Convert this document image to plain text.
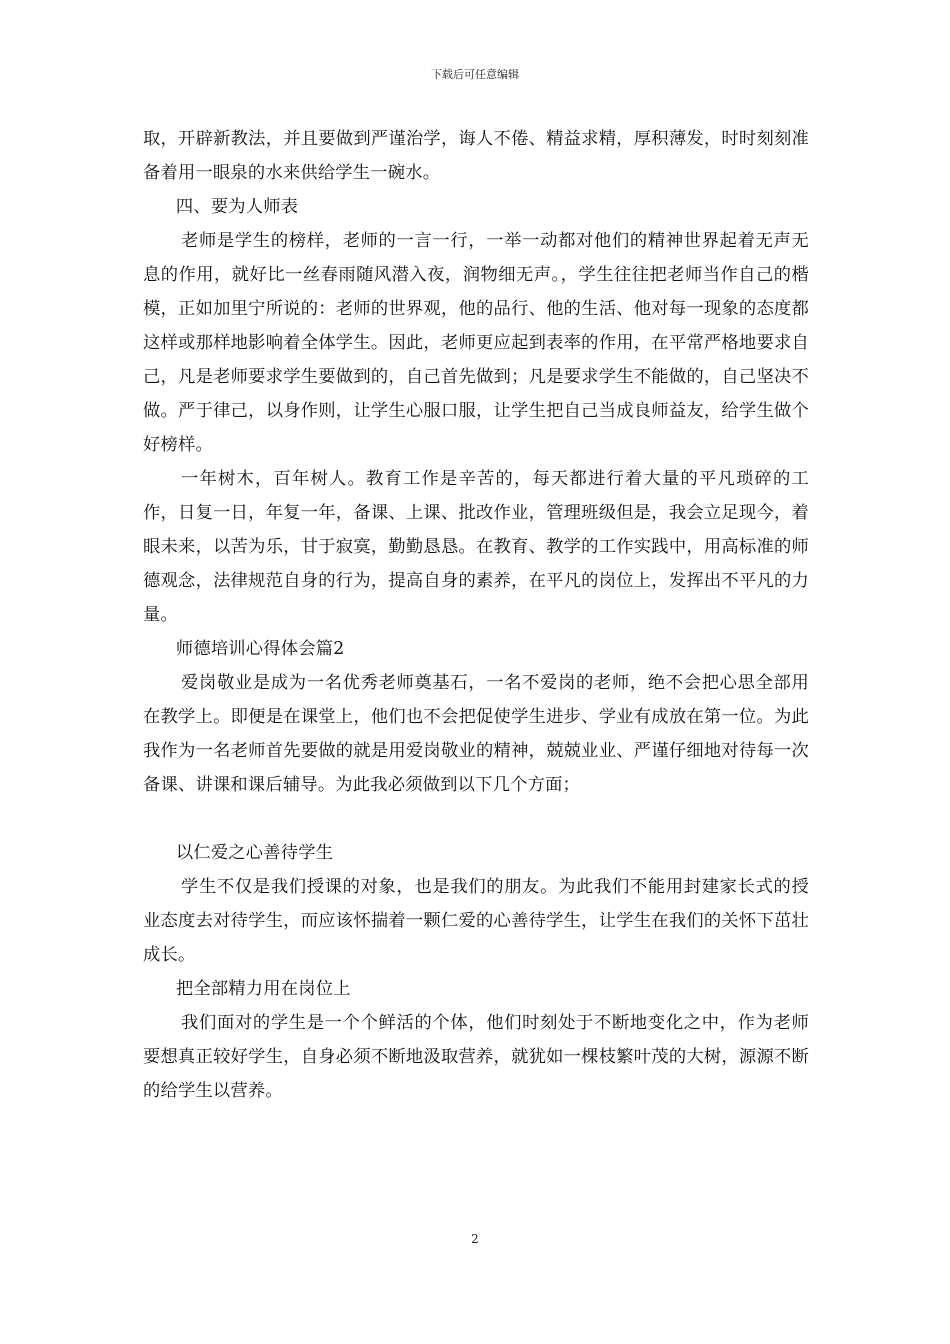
下载后可任意编辑

取，开辟新教法，并且要做到严谨治学，诲人不倦、精益求精，厚积薄发，时时刻刻准备着用一眼泉的水来供给学生一碗水。

四、要为人师表

老师是学生的榜样，老师的一言一行，一举一动都对他们的精神世界起着无声无息的作用，就好比一丝春雨随风潜入夜，润物细无声。，学生往往把老师当作自己的楷模，正如加里宁所说的：老师的世界观，他的品行、他的生活、他对每一现象的态度都这样或那样地影响着全体学生。因此，老师更应起到表率的作用，在平常严格地要求自己，凡是老师要求学生要做到的，自己首先做到；凡是要求学生不能做的，自己坚决不做。严于律己，以身作则，让学生心服口服，让学生把自己当成良师益友，给学生做个好榜样。

一年树木，百年树人。教育工作是辛苦的，每天都进行着大量的平凡琐碎的工作，日复一日，年复一年，备课、上课、批改作业，管理班级但是，我会立足现今，着眼未来，以苦为乐，甘于寂寞，勤勤恳恳。在教育、教学的工作实践中，用高标准的师德观念，法律规范自身的行为，提高自身的素养，在平凡的岗位上，发挥出不平凡的力量。

师德培训心得体会篇2

爱岗敬业是成为一名优秀老师奠基石，一名不爱岗的老师，绝不会把心思全部用在教学上。即便是在课堂上，他们也不会把促使学生进步、学业有成放在第一位。为此我作为一名老师首先要做的就是用爱岗敬业的精神，兢兢业业、严谨仔细地对待每一次备课、讲课和课后辅导。为此我必须做到以下几个方面；

以仁爱之心善待学生

学生不仅是我们授课的对象，也是我们的朋友。为此我们不能用封建家长式的授业态度去对待学生，而应该怀揣着一颗仁爱的心善待学生，让学生在我们的关怀下茁壮成长。

把全部精力用在岗位上

我们面对的学生是一个个鲜活的个体，他们时刻处于不断地变化之中，作为老师要想真正较好学生，自身必须不断地汲取营养，就犹如一棵枝繁叶茂的大树，源源不断的给学生以营养。

2
